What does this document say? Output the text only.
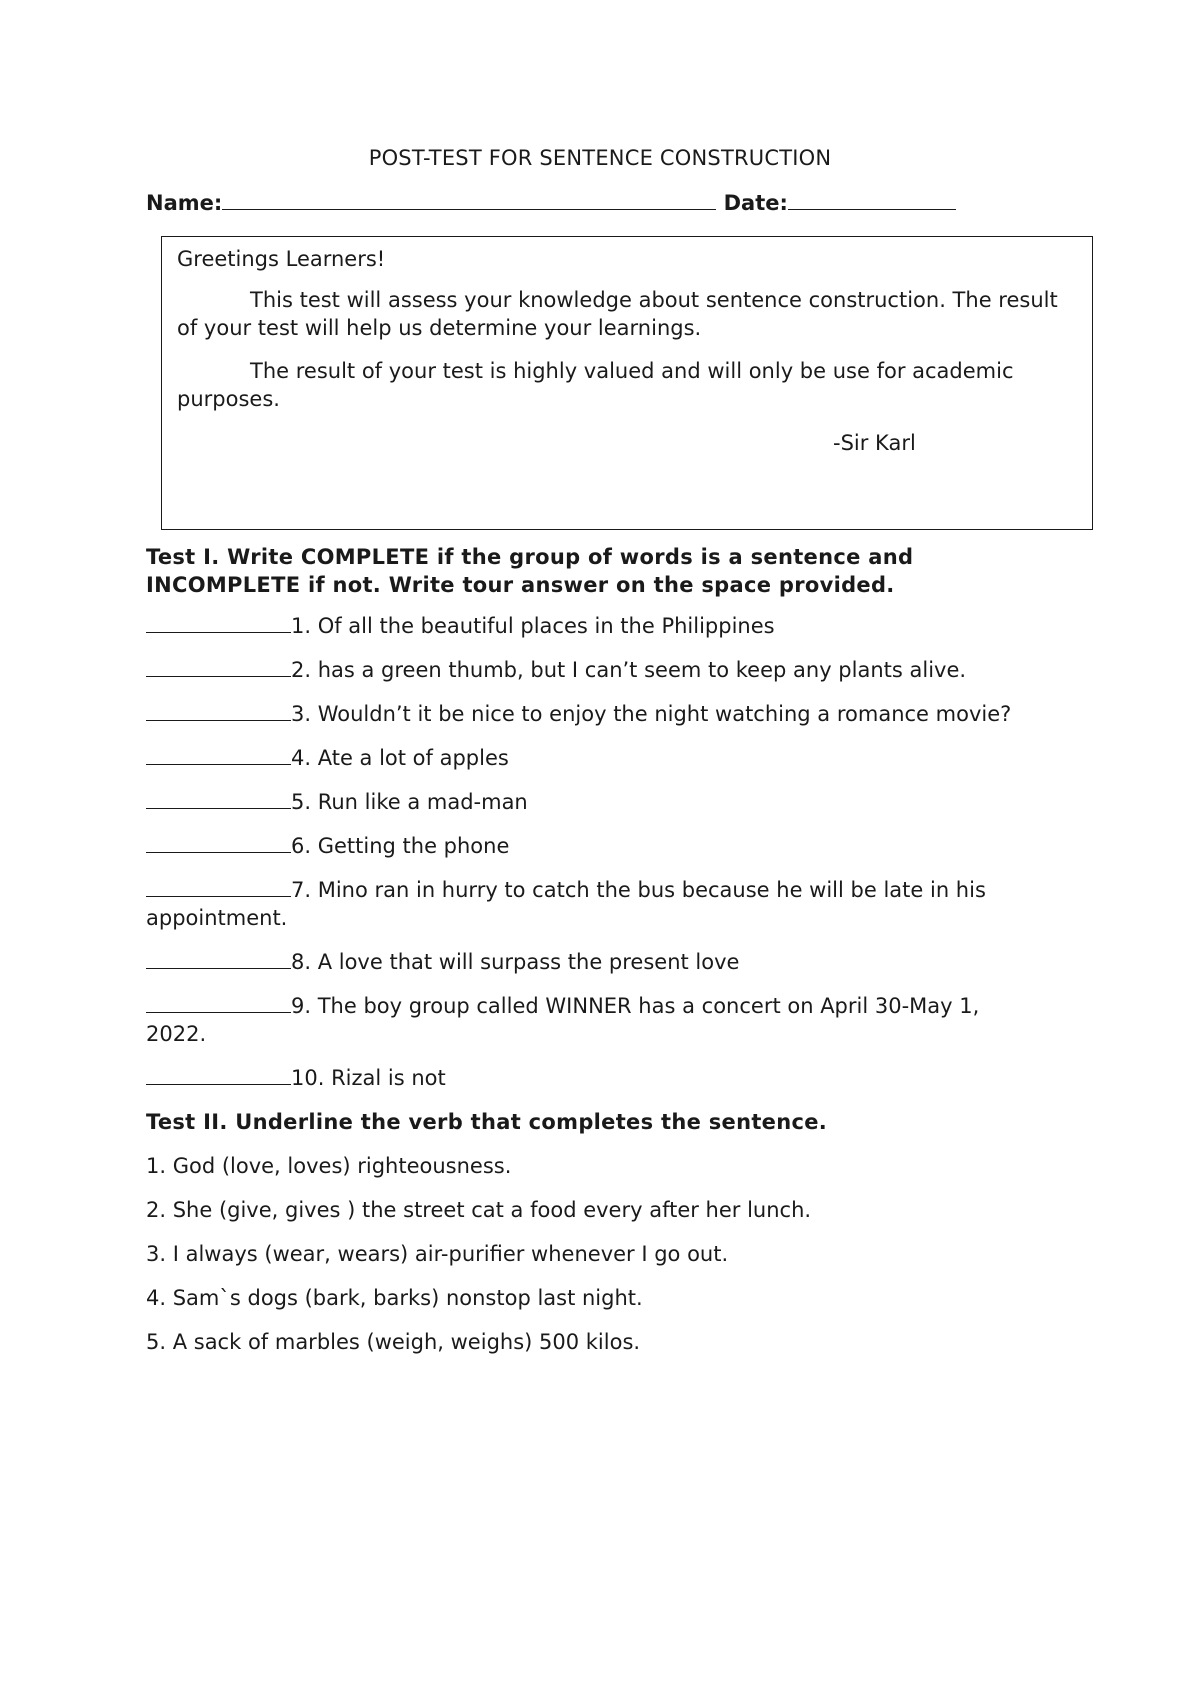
POST-TEST FOR SENTENCE CONSTRUCTION
Name:	Date:
Greetings Learners!
This test will assess your knowledge about sentence construction. The result of your test will help us determine your learnings.
The result of your test is highly valued and will only be use for academic purposes.
-Sir Karl
Test I. Write COMPLETE if the group of words is a sentence and INCOMPLETE if not. Write tour answer on the space provided.
1. Of all the beautiful places in the Philippines
2. has a green thumb, but I can’t seem to keep any plants alive.
3. Wouldn’t it be nice to enjoy the night watching a romance movie?
4. Ate a lot of apples
5. Run like a mad-man
6. Getting the phone
7. Mino ran in hurry to catch the bus because he will be late in his appointment.
8. A love that will surpass the present love
9. The boy group called WINNER has a concert on April 30-May 1, 2022.
10. Rizal is not
Test II. Underline the verb that completes the sentence.
1. God (love, loves) righteousness.
2. She (give, gives ) the street cat a food every after her lunch.
3. I always (wear, wears) air-purifier whenever I go out.
4. Sam`s dogs (bark, barks) nonstop last night.
5. A sack of marbles (weigh, weighs) 500 kilos.
